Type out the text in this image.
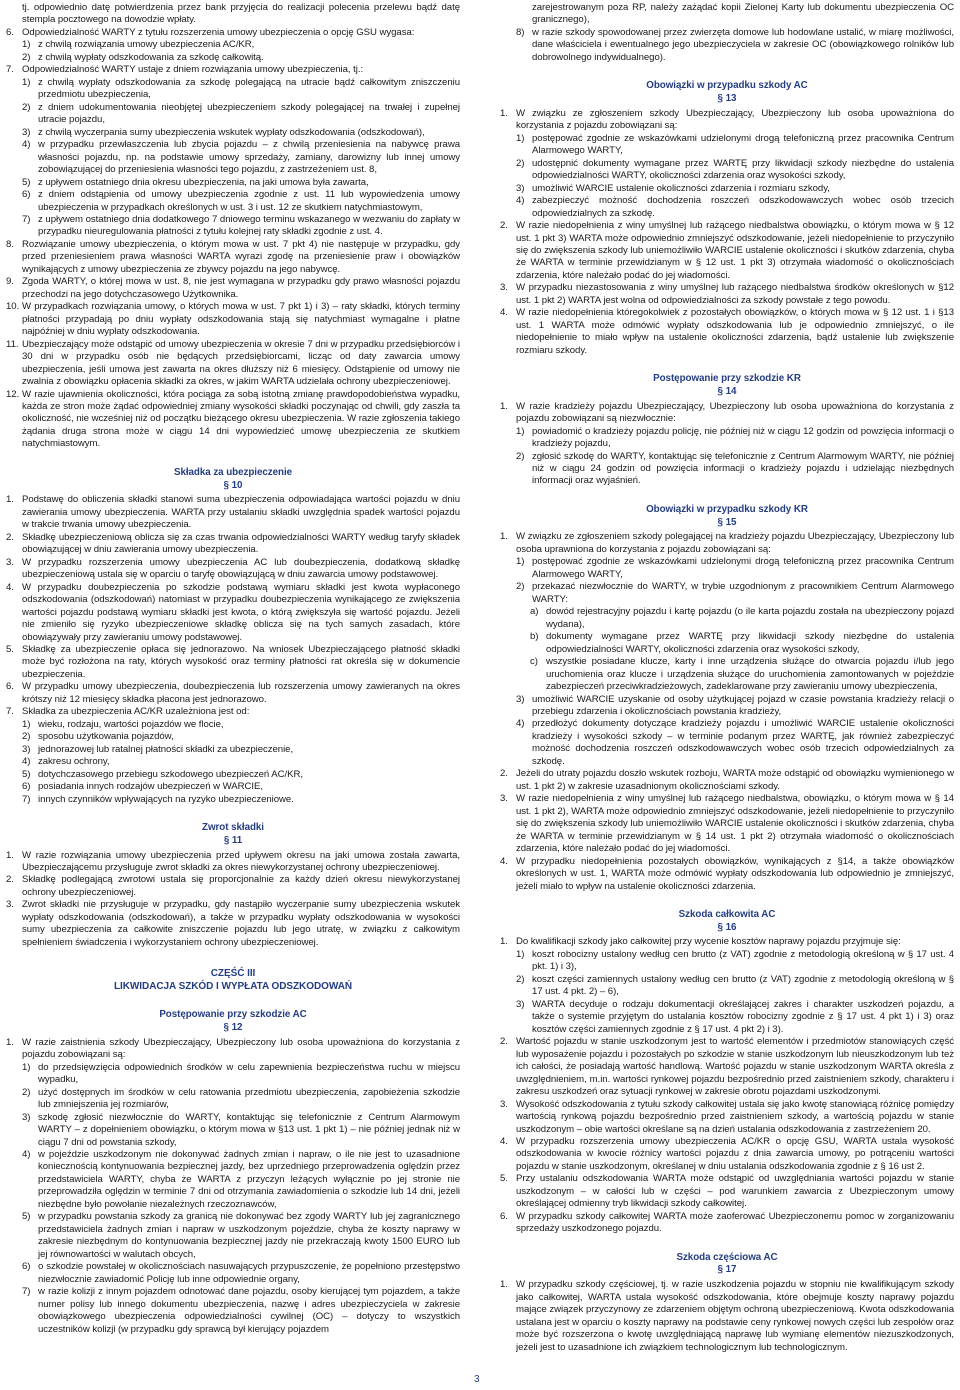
tj. odpowiednio datę potwierdzenia przez bank przyjęcia do realizacji polecenia przelewu bądź datę stempla pocztowego na dowodzie wpłaty.
6. Odpowiedzialność WARTY z tytułu rozszerzenia umowy ubezpieczenia o opcję GSU wygasa:
1) z chwilą rozwiązania umowy ubezpieczenia AC/KR,
2) z chwilą wypłaty odszkodowania za szkodę całkowitą.
7. Odpowiedzialność WARTY ustaje z dniem rozwiązania umowy ubezpieczenia, tj.:
1) z chwilą wypłaty odszkodowania za szkodę polegającą na utracie bądź całkowitym zniszczeniu przedmiotu ubezpieczenia,
2) z dniem udokumentowania nieobjętej ubezpieczeniem szkody polegającej na trwałej i zupełnej utracie pojazdu,
3) z chwilą wyczerpania sumy ubezpieczenia wskutek wypłaty odszkodowania (odszkodowań),
4) w przypadku przewłaszczenia lub zbycia pojazdu – z chwilą przeniesienia na nabywcę prawa własności pojazdu, np. na podstawie umowy sprzedaży, zamiany, darowizny lub innej umowy zobowiązującej do przeniesienia własności tego pojazdu, z zastrzeżeniem ust. 8,
5) z upływem ostatniego dnia okresu ubezpieczenia, na jaki umowa była zawarta,
6) z dniem odstąpienia od umowy ubezpieczenia zgodnie z ust. 11 lub wypowiedzenia umowy ubezpieczenia w przypadkach określonych w ust. 3 i ust. 12 ze skutkiem natychmiastowym,
7) z upływem ostatniego dnia dodatkowego 7 dniowego terminu wskazanego w wezwaniu do zapłaty w przypadku nieuregulowania płatności z tytułu kolejnej raty składki zgodnie z ust. 4.
8. Rozwiązanie umowy ubezpieczenia, o którym mowa w ust. 7 pkt 4) nie następuje w przypadku, gdy przed przeniesieniem prawa własności WARTA wyrazi zgodę na przeniesienie praw i obowiązków wynikających z umowy ubezpieczenia ze zbywcy pojazdu na jego nabywcę.
9. Zgoda WARTY, o której mowa w ust. 8, nie jest wymagana w przypadku gdy prawo własności pojazdu przechodzi na jego dotychczasowego Użytkownika.
10. W przypadkach rozwiązania umowy, o których mowa w ust. 7 pkt 1) i 3) – raty składki, których terminy płatności przypadają po dniu wypłaty odszkodowania stają się natychmiast wymagalne i płatne najpóźniej w dniu wypłaty odszkodowania.
11. Ubezpieczający może odstąpić od umowy ubezpieczenia w okresie 7 dni w przypadku przedsiębiorców i 30 dni w przypadku osób nie będących przedsiębiorcami, licząc od daty zawarcia umowy ubezpieczenia, jeśli umowa jest zawarta na okres dłuższy niż 6 miesięcy. Odstąpienie od umowy nie zwalnia z obowiązku opłacenia składki za okres, w jakim WARTA udzielała ochrony ubezpieczeniowej.
12. W razie ujawnienia okoliczności, która pociąga za sobą istotną zmianę prawdopodobieństwa wypadku, każda ze stron może żądać odpowiedniej zmiany wysokości składki poczynając od chwili, gdy zaszła ta okoliczność, nie wcześniej niż od początku bieżącego okresu ubezpieczenia. W razie zgłoszenia takiego żądania druga strona może w ciągu 14 dni wypowiedzieć umowę ubezpieczenia ze skutkiem natychmiastowym.
Składka za ubezpieczenie
§ 10
1. Podstawę do obliczenia składki stanowi suma ubezpieczenia odpowiadająca wartości pojazdu w dniu zawierania umowy ubezpieczenia. WARTA przy ustalaniu składki uwzględnia spadek wartości pojazdu w trakcie trwania umowy ubezpieczenia.
2. Składkę ubezpieczeniową oblicza się za czas trwania odpowiedzialności WARTY według taryfy składek obowiązującej w dniu zawierania umowy ubezpieczenia.
3. W przypadku rozszerzenia umowy ubezpieczenia AC lub doubezpieczenia, dodatkową składkę ubezpieczeniową ustala się w oparciu o taryfę obowiązującą w dniu zawarcia umowy podstawowej.
4. W przypadku doubezpieczenia po szkodzie podstawą wymiaru składki jest kwota wypłaconego odszkodowania (odszkodowań) natomiast w przypadku doubezpieczenia wynikającego ze zwiększenia wartości pojazdu podstawą wymiaru składki jest kwota, o którą zwiększyła się wartość pojazdu. Jeżeli nie zmieniło się ryzyko ubezpieczeniowe składkę oblicza się na tych samych zasadach, które obowiązywały przy zawieraniu umowy podstawowej.
5. Składkę za ubezpieczenie opłaca się jednorazowo. Na wniosek Ubezpieczającego płatność składki może być rozłożona na raty, których wysokość oraz terminy płatności rat określa się w dokumencie ubezpieczenia.
6. W przypadku umowy ubezpieczenia, doubezpieczenia lub rozszerzenia umowy zawieranych na okres krótszy niż 12 miesięcy składka płacona jest jednorazowo.
7. Składka za ubezpieczenia AC/KR uzależniona jest od:
1) wieku, rodzaju, wartości pojazdów we flocie,
2) sposobu użytkowania pojazdów,
3) jednorazowej lub ratalnej płatności składki za ubezpieczenie,
4) zakresu ochrony,
5) dotychczasowego przebiegu szkodowego ubezpieczeń AC/KR,
6) posiadania innych rodzajów ubezpieczeń w WARCIE,
7) innych czynników wpływających na ryzyko ubezpieczeniowe.
Zwrot składki
§ 11
1. W razie rozwiązania umowy ubezpieczenia przed upływem okresu na jaki umowa została zawarta, Ubezpieczającemu przysługuje zwrot składki za okres niewykorzystanej ochrony ubezpieczeniowej.
2. Składkę podlegającą zwrotowi ustala się proporcjonalnie za każdy dzień okresu niewykorzystanej ochrony ubezpieczeniowej.
3. Zwrot składki nie przysługuje w przypadku, gdy nastąpiło wyczerpanie sumy ubezpieczenia wskutek wypłaty odszkodowania (odszkodowań), a także w przypadku wypłaty odszkodowania w wysokości sumy ubezpieczenia za całkowite zniszczenie pojazdu lub jego utratę, w związku z całkowitym spełnieniem świadczenia i wykorzystaniem ochrony ubezpieczeniowej.
CZĘŚĆ III
LIKWIDACJA SZKÓD I WYPŁATA ODSZKODOWAŃ
Postępowanie przy szkodzie AC
§ 12
1. W razie zaistnienia szkody Ubezpieczający, Ubezpieczony lub osoba upoważniona do korzystania z pojazdu zobowiązani są:
1) do przedsięwzięcia odpowiednich środków w celu zapewnienia bezpieczeństwa ruchu w miejscu wypadku,
2) użyć dostępnych im środków w celu ratowania przedmiotu ubezpieczenia, zapobieżenia szkodzie lub zmniejszenia jej rozmiarów,
3) szkodę zgłosić niezwłocznie do WARTY, kontaktując się telefonicznie z Centrum Alarmowym WARTY – z dopełnieniem obowiązku, o którym mowa w §13 ust. 1 pkt 1) – nie później jednak niż w ciągu 7 dni od powstania szkody,
4) w pojeździe uszkodzonym nie dokonywać żadnych zmian i napraw, o ile nie jest to uzasadnione koniecznością kontynuowania bezpiecznej jazdy, bez uprzedniego przeprowadzenia oględzin przez przedstawiciela WARTY, chyba że WARTA z przyczyn leżących wyłącznie po jej stronie nie przeprowadziła oględzin w terminie 7 dni od otrzymania zawiadomienia o szkodzie lub 14 dni, jeżeli niezbędne było powołanie niezależnych rzeczoznawców,
5) w przypadku powstania szkody za granicą nie dokonywać bez zgody WARTY lub jej zagranicznego przedstawiciela żadnych zmian i napraw w uszkodzonym pojeździe, chyba że koszty naprawy w zakresie niezbędnym do kontynuowania bezpiecznej jazdy nie przekraczają kwoty 1500 EURO lub jej równowartości w walutach obcych,
6) o szkodzie powstałej w okolicznościach nasuwających przypuszczenie, że popełniono przestępstwo niezwłocznie zawiadomić Policję lub inne odpowiednie organy,
7) w razie kolizji z innym pojazdem odnotować dane pojazdu, osoby kierującej tym pojazdem, a także numer polisy lub innego dokumentu ubezpieczenia, nazwę i adres ubezpieczyciela w zakresie obowiązkowego ubezpieczenia odpowiedzialności cywilnej (OC) – dotyczy to wszystkich uczestników kolizji (w przypadku gdy sprawcą był kierujący pojazdem
zarejestrowanym poza RP, należy zażądać kopii Zielonej Karty lub dokumentu ubezpieczenia OC granicznego),
8) w razie szkody spowodowanej przez zwierzęta domowe lub hodowlane ustalić, w miarę możliwości, dane właściciela i ewentualnego jego ubezpieczyciela w zakresie OC (obowiązkowego rolników lub dobrowolnego indywidualnego).
Obowiązki w przypadku szkody AC
§ 13
1. W związku ze zgłoszeniem szkody Ubezpieczający, Ubezpieczony lub osoba upoważniona do korzystania z pojazdu zobowiązani są:
1) postępować zgodnie ze wskazówkami udzielonymi drogą telefoniczną przez pracownika Centrum Alarmowego WARTY,
2) udostępnić dokumenty wymagane przez WARTĘ przy likwidacji szkody niezbędne do ustalenia odpowiedzialności WARTY, okoliczności zdarzenia oraz wysokości szkody,
3) umożliwić WARCIE ustalenie okoliczności zdarzenia i rozmiaru szkody,
4) zabezpieczyć możność dochodzenia roszczeń odszkodowawczych wobec osób trzecich odpowiedzialnych za szkodę.
2. W razie niedopełnienia z winy umyślnej lub rażącego niedbalstwa obowiązku, o którym mowa w § 12 ust. 1 pkt 3) WARTA może odpowiednio zmniejszyć odszkodowanie, jeżeli niedopełnienie to przyczyniło się do zwiększenia szkody lub uniemożliwiło WARCIE ustalenie okoliczności i skutków zdarzenia, chyba że WARTA w terminie przewidzianym w § 12 ust. 1 pkt 3) otrzymała wiadomość o okolicznościach zdarzenia, które należało podać do jej wiadomości.
3. W przypadku niezastosowania z winy umyślnej lub rażącego niedbalstwa środków określonych w §12 ust. 1 pkt 2) WARTA jest wolna od odpowiedzialności za szkody powstałe z tego powodu.
4. W razie niedopełnienia któregokolwiek z pozostałych obowiązków, o których mowa w § 12 ust. 1 i §13 ust. 1 WARTA może odmówić wypłaty odszkodowania lub je odpowiednio zmniejszyć, o ile niedopełnienie to miało wpływ na ustalenie okoliczności zdarzenia, bądź ustalenie lub zwiększenie rozmiaru szkody.
Postępowanie przy szkodzie KR
§ 14
1. W razie kradzieży pojazdu Ubezpieczający, Ubezpieczony lub osoba upoważniona do korzystania z pojazdu zobowiązani są niezwłocznie:
1) powiadomić o kradzieży pojazdu policję, nie później niż w ciągu 12 godzin od powzięcia informacji o kradzieży pojazdu,
2) zgłosić szkodę do WARTY, kontaktując się telefonicznie z Centrum Alarmowym WARTY, nie później niż w ciągu 24 godzin od powzięcia informacji o kradzieży pojazdu i udzielając niezbędnych informacji oraz wyjaśnień.
Obowiązki w przypadku szkody KR
§ 15
1. W związku ze zgłoszeniem szkody polegającej na kradzieży pojazdu Ubezpieczający, Ubezpieczony lub osoba uprawniona do korzystania z pojazdu zobowiązani są:
1) postępować zgodnie ze wskazówkami udzielonymi drogą telefoniczną przez pracownika Centrum Alarmowego WARTY,
2) przekazać niezwłocznie do WARTY, w trybie uzgodnionym z pracownikiem Centrum Alarmowego WARTY:
a) dowód rejestracyjny pojazdu i kartę pojazdu (o ile karta pojazdu została na ubezpieczony pojazd wydana),
b) dokumenty wymagane przez WARTĘ przy likwidacji szkody niezbędne do ustalenia odpowiedzialności WARTY, okoliczności zdarzenia oraz wysokości szkody,
c) wszystkie posiadane klucze, karty i inne urządzenia służące do otwarcia pojazdu i/lub jego uruchomienia oraz klucze i urządzenia służące do uruchomienia zamontowanych w pojeździe zabezpieczeń przeciwkradzieżowych, zadeklarowane przy zawieraniu umowy ubezpieczenia,
3) umożliwić WARCIE uzyskanie od osoby użytkującej pojazd w czasie powstania kradzieży relacji o przebiegu zdarzenia i okolicznościach powstania kradzieży,
4) przedłożyć dokumenty dotyczące kradzieży pojazdu i umożliwić WARCIE ustalenie okoliczności kradzieży i wysokości szkody – w terminie podanym przez WARTĘ, jak również zabezpieczyć możność dochodzenia roszczeń odszkodowawczych wobec osób trzecich odpowiedzialnych za szkodę.
2. Jeżeli do utraty pojazdu doszło wskutek rozboju, WARTA może odstąpić od obowiązku wymienionego w ust. 1 pkt 2) w zakresie uzasadnionym okolicznościami szkody.
3. W razie niedopełnienia z winy umyślnej lub rażącego niedbalstwa, obowiązku, o którym mowa w § 14 ust. 1 pkt 2), WARTA może odpowiednio zmniejszyć odszkodowanie, jeżeli niedopełnienie to przyczyniło się do zwiększenia szkody lub uniemożliwiło WARCIE ustalenie okoliczności i skutków zdarzenia, chyba że WARTA w terminie przewidzianym w § 14 ust. 1 pkt 2) otrzymała wiadomość o okolicznościach zdarzenia, które należało podać do jej wiadomości.
4. W przypadku niedopełnienia pozostałych obowiązków, wynikających z §14, a także obowiązków określonych w ust. 1, WARTA może odmówić wypłaty odszkodowania lub odpowiednio je zmniejszyć, jeżeli miało to wpływ na ustalenie okoliczności zdarzenia.
Szkoda całkowita AC
§ 16
1. Do kwalifikacji szkody jako całkowitej przy wycenie kosztów naprawy pojazdu przyjmuje się:
1) koszt robocizny ustalony według cen brutto (z VAT) zgodnie z metodologią określoną w § 17 ust. 4 pkt. 1) i 3),
2) koszt części zamiennych ustalony według cen brutto (z VAT) zgodnie z metodologią określoną w § 17 ust. 4 pkt. 2) – 6),
3) WARTA decyduje o rodzaju dokumentacji określającej zakres i charakter uszkodzeń pojazdu, a także o systemie przyjętym do ustalania kosztów robocizny zgodnie z § 17 ust. 4 pkt 1) i 3) oraz kosztów części zamiennych zgodnie z § 17 ust. 4 pkt 2) i 3).
2. Wartość pojazdu w stanie uszkodzonym jest to wartość elementów i przedmiotów stanowiących część lub wyposażenie pojazdu i pozostałych po szkodzie w stanie uszkodzonym lub nieuszkodzonym lub też ich całości, że posiadają wartość handlową. Wartość pojazdu w stanie uszkodzonym WARTA określa z uwzględnieniem, m.in. wartości rynkowej pojazdu bezpośrednio przed zaistnieniem szkody, charakteru i zakresu uszkodzeń oraz sytuacji rynkowej w zakresie obrotu pojazdami uszkodzonymi.
3. Wysokość odszkodowania z tytułu szkody całkowitej ustala się jako kwotę stanowiącą różnicę pomiędzy wartością rynkową pojazdu bezpośrednio przed zaistnieniem szkody, a wartością pojazdu w stanie uszkodzonym – obie wartości określane są na dzień ustalania odszkodowania z zastrzeżeniem 20.
4. W przypadku rozszerzenia umowy ubezpieczenia AC/KR o opcję GSU, WARTA ustala wysokość odszkodowania w kwocie różnicy wartości pojazdu z dnia zawarcia umowy, po potrąceniu wartości pojazdu w stanie uszkodzonym, określanej w dniu ustalania odszkodowania zgodnie z § 16 ust 2.
5. Przy ustalaniu odszkodowania WARTA może odstąpić od uwzględniania wartości pojazdu w stanie uszkodzonym – w całości lub w części – pod warunkiem zawarcia z Ubezpieczonym umowy określającej odmienny tryb likwidacji szkody całkowitej.
6. W przypadku szkody całkowitej WARTA może zaoferować Ubezpieczonemu pomoc w zorganizowaniu sprzedaży uszkodzonego pojazdu.
Szkoda częściowa AC
§ 17
1. W przypadku szkody częściowej, tj. w razie uszkodzenia pojazdu w stopniu nie kwalifikującym szkody jako całkowitej, WARTA ustala wysokość odszkodowania, które obejmuje koszty naprawy pojazdu mające związek przyczynowy ze zdarzeniem objętym ochroną ubezpieczeniową. Kwota odszkodowania ustalana jest w oparciu o koszty naprawy na podstawie ceny rynkowej nowych części lub zespołów oraz może być rozszerzona o kwotę uwzględniającą naprawę lub wymianę elementów niezuszkodzonych, jeżeli jest to uzasadnione ich związkiem technologicznym lub technologicznym.
3
